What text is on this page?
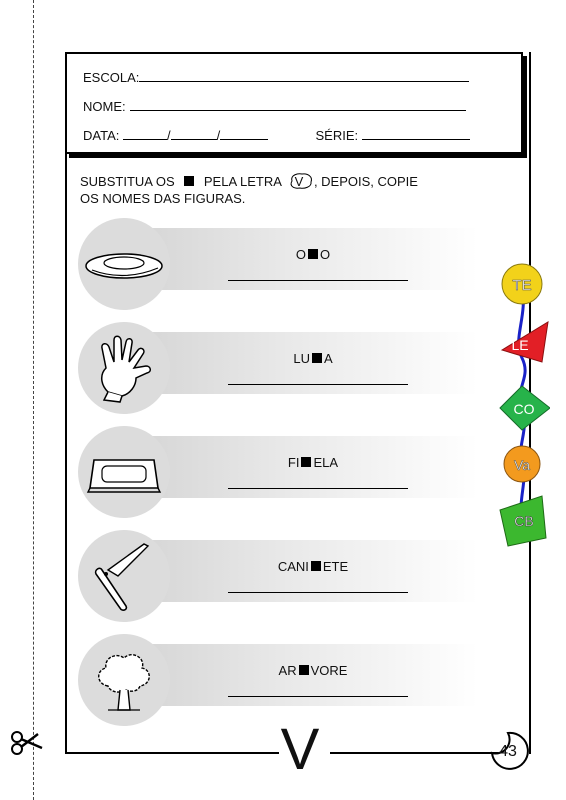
V	43
ESCOLA:
NOME:
DATA:	/	/	SÉRIE:
SUBSTITUA OS PELA LETRA V , DEPOIS, COPIE
OS NOMES DAS FIGURAS.
O O
LU A
FI ELA
CANI ETE
AR VORE
TE
LE
CO
Va
CB
